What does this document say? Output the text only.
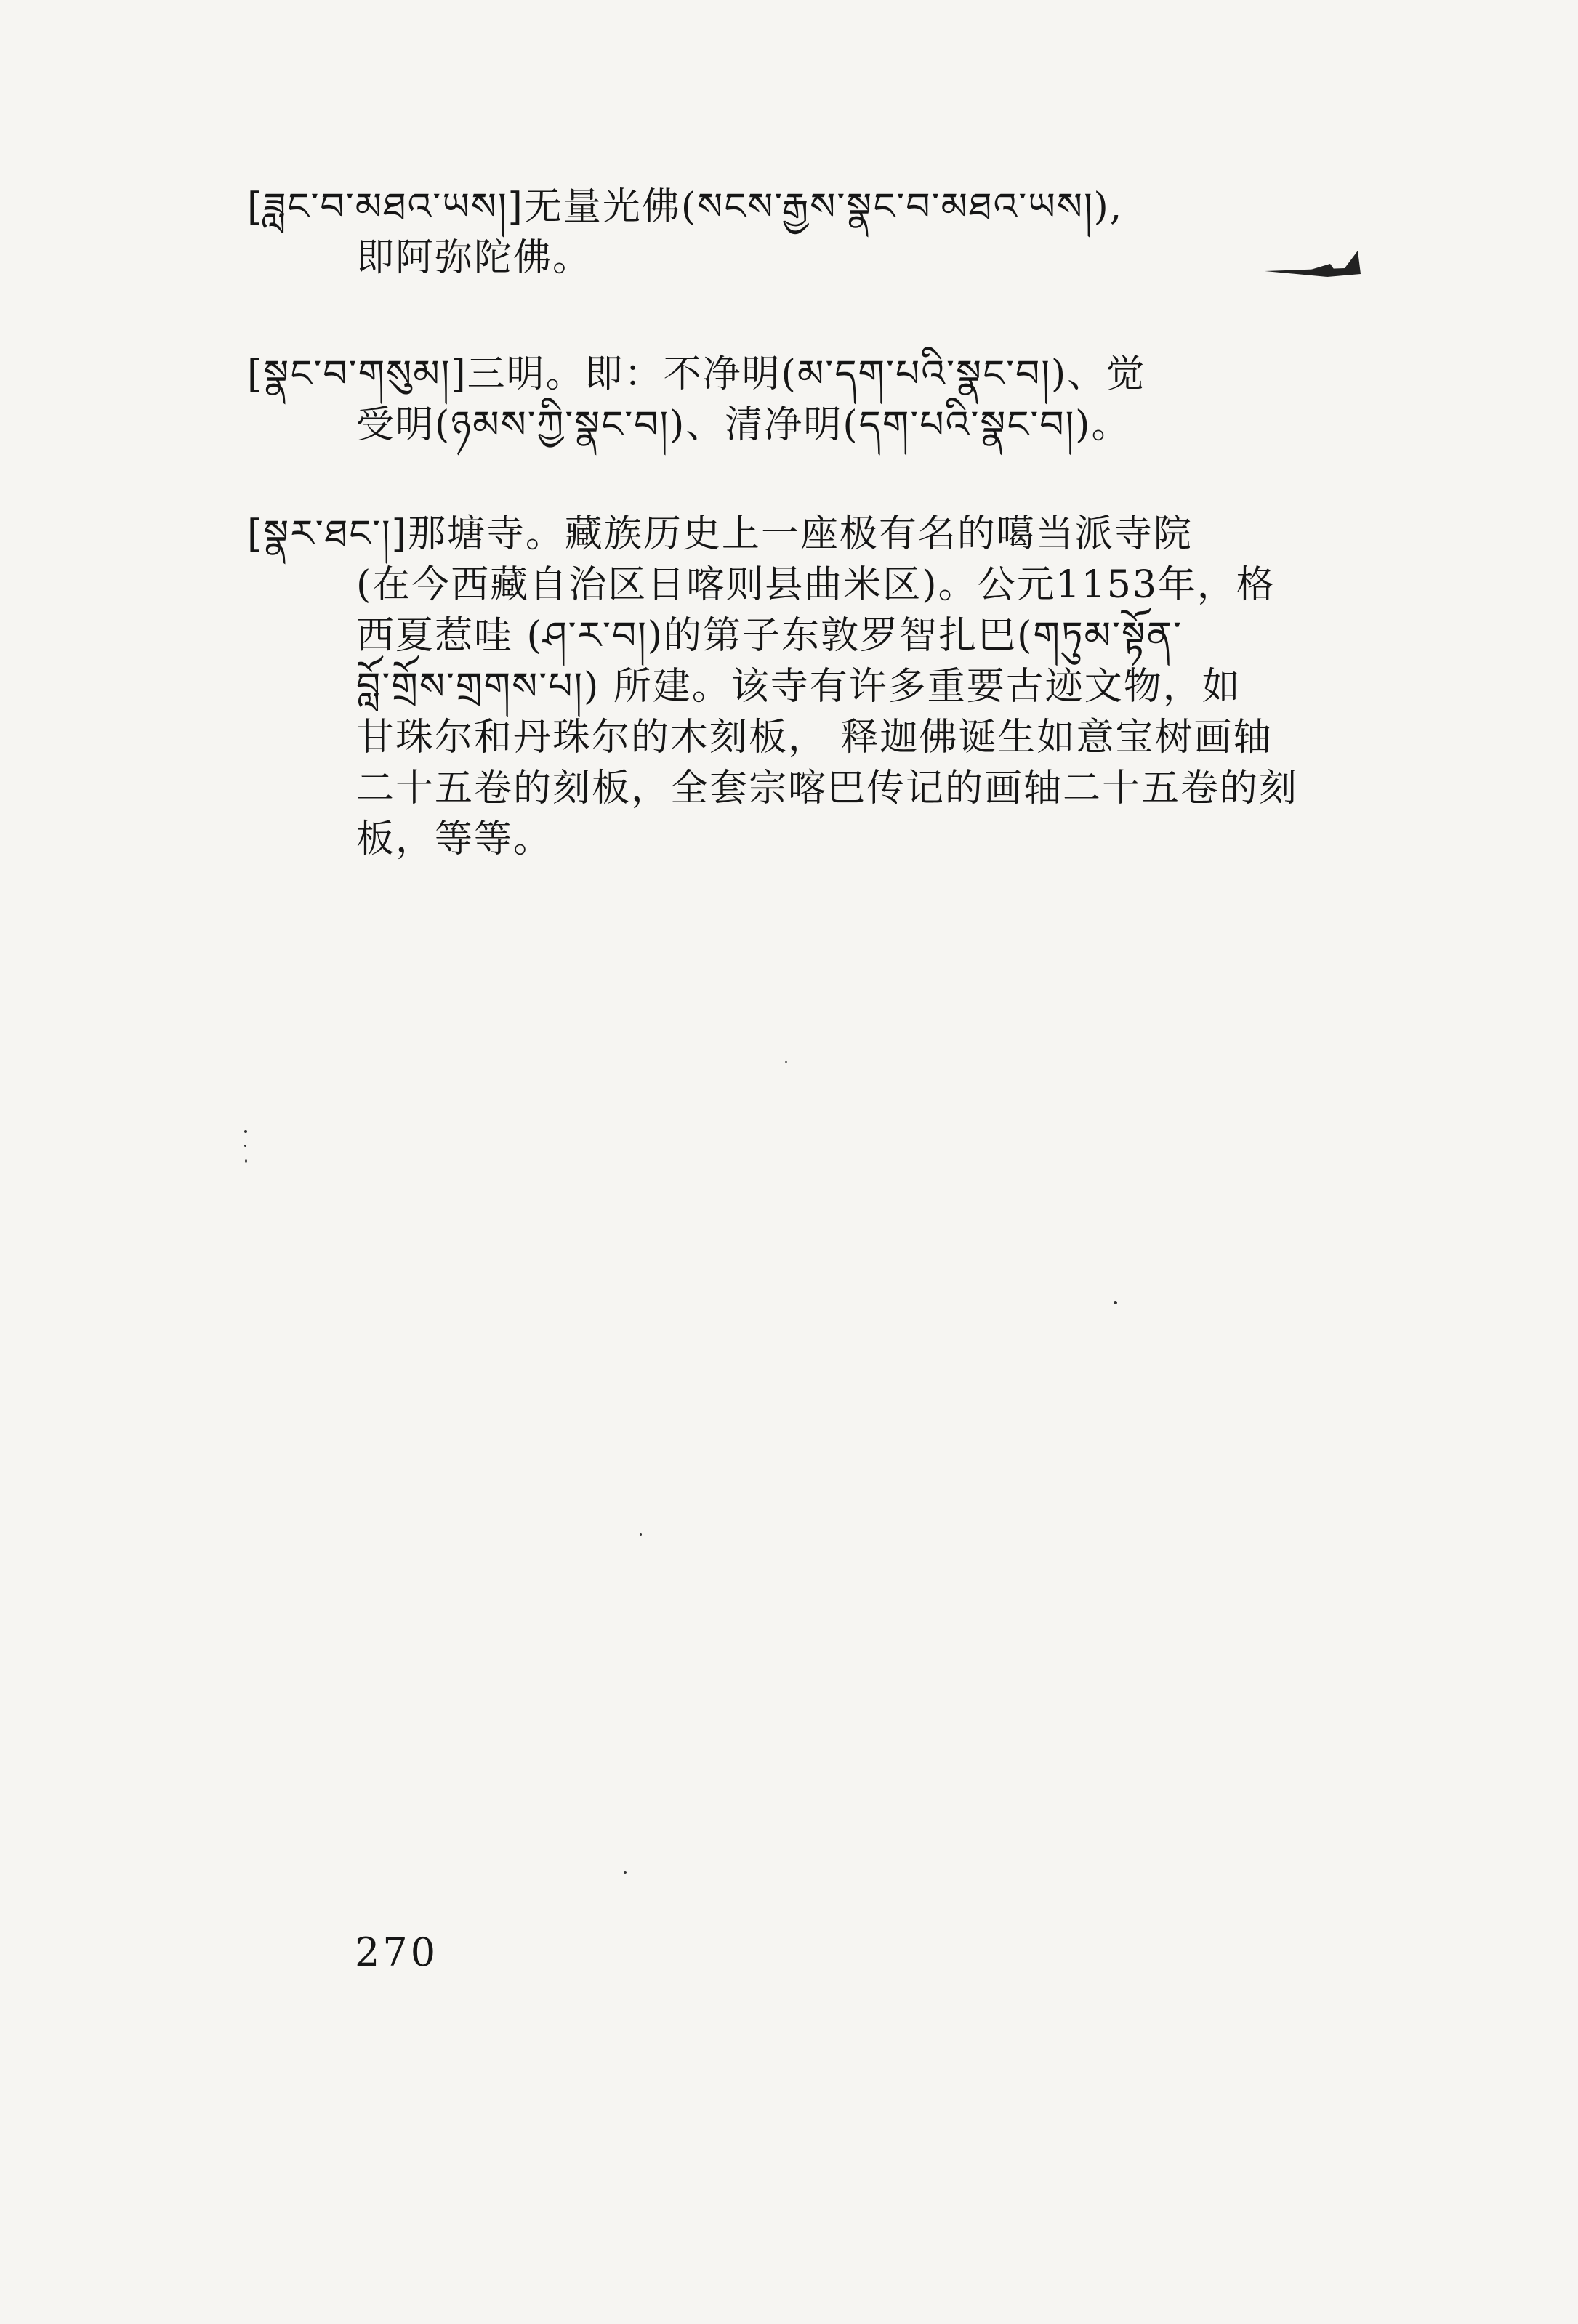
[ཟླང་བ་མཐའ་ཡས།]无量光佛(སངས་རྒྱས་སྣང་བ་མཐའ་ཡས།),
即阿弥陀佛。
[སྣང་བ་གསུམ།]三明。即：不净明(མ་དག་པའི་སྣང་བ།)、觉
受明(ཉམས་ཀྱི་སྣང་བ།)、清净明(དག་པའི་སྣང་བ།)。
[སྣར་ཐང་།]那塘寺。藏族历史上一座极有名的噶当派寺院
(在今西藏自治区日喀则县曲米区)。公元1153年，格
西夏惹哇 (ཤ་ར་བ།)的第子东敦罗智扎巴(གཏུམ་སྟོན་
བློ་གྲོས་གྲགས་པ།) 所建。该寺有许多重要古迹文物，如
甘珠尔和丹珠尔的木刻板， 释迦佛诞生如意宝树画轴
二十五卷的刻板，全套宗喀巴传记的画轴二十五卷的刻
板，等等。
270
